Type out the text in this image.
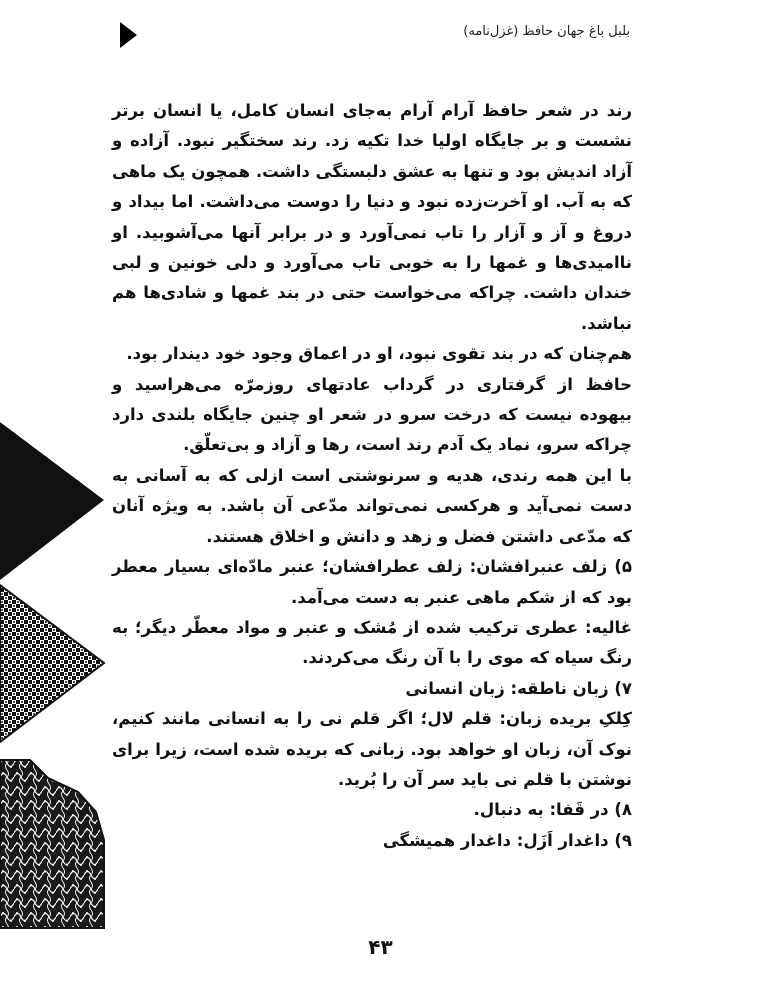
بلبل باغ جهان حافظ (غزل‌نامه)

رند در شعر حافظ آرام آرام به‌جای انسان کامل، یا انسان برتر نشست و بر جایگاه اولیا خدا تکیه زد. رند سختگیر نبود. آزاده و آزاد اندیش بود و تنها به عشق دلبستگی داشت. همچون یک ماهی که به آب. او آخرت‌زده نبود و دنیا را دوست می‌داشت. اما بیداد و دروغ و آز و آزار را تاب نمی‌آورد و در برابر آنها می‌آشوبید. او ناامیدی‌ها و غمها را به خوبی تاب می‌آورد و دلی خونین و لبی خندان داشت. چراکه می‌خواست حتی در بند غمها و شادی‌ها هم نباشد.

هم‌چنان که در بند تقوی نبود، او در اعماق وجود خود دیندار بود.

حافظ از گرفتاری در گرداب عادتهای روزمرّه می‌هراسید و بیهوده نیست که درخت سرو در شعر او چنین جایگاه بلندی دارد چراکه سرو، نماد یک آدم رند است، رها و آزاد و بی‌تعلّق.

با این همه رندی، هدیه و سرنوشتی است ازلی که به آسانی به دست نمی‌آید و هرکسی نمی‌تواند مدّعی آن باشد. به ویژه آنان که مدّعی داشتن فضل و زهد و دانش و اخلاق هستند.

۵) زلف عنبرافشان: زلف عطرافشان؛ عنبر مادّه‌ای بسیار معطر بود که از شکم ماهی عنبر به دست می‌آمد.

غالیه: عطری ترکیب شده از مُشک و عنبر و مواد معطّر دیگر؛ به رنگ سیاه که موی را با آن رنگ می‌کردند.

۷) زبان ناطقه: زبان انسانی

کِلکِ بریده زبان: قلم لال؛ اگر قلم نی را به انسانی مانند کنیم، نوک آن، زبان او خواهد بود. زبانی که بریده شده است، زیرا برای نوشتن با قلم نی باید سر آن را بُرید.

۸) در قَفا: به دنبال.

۹) داغدار اَزَل: داغدار همیشگی

۴۳
